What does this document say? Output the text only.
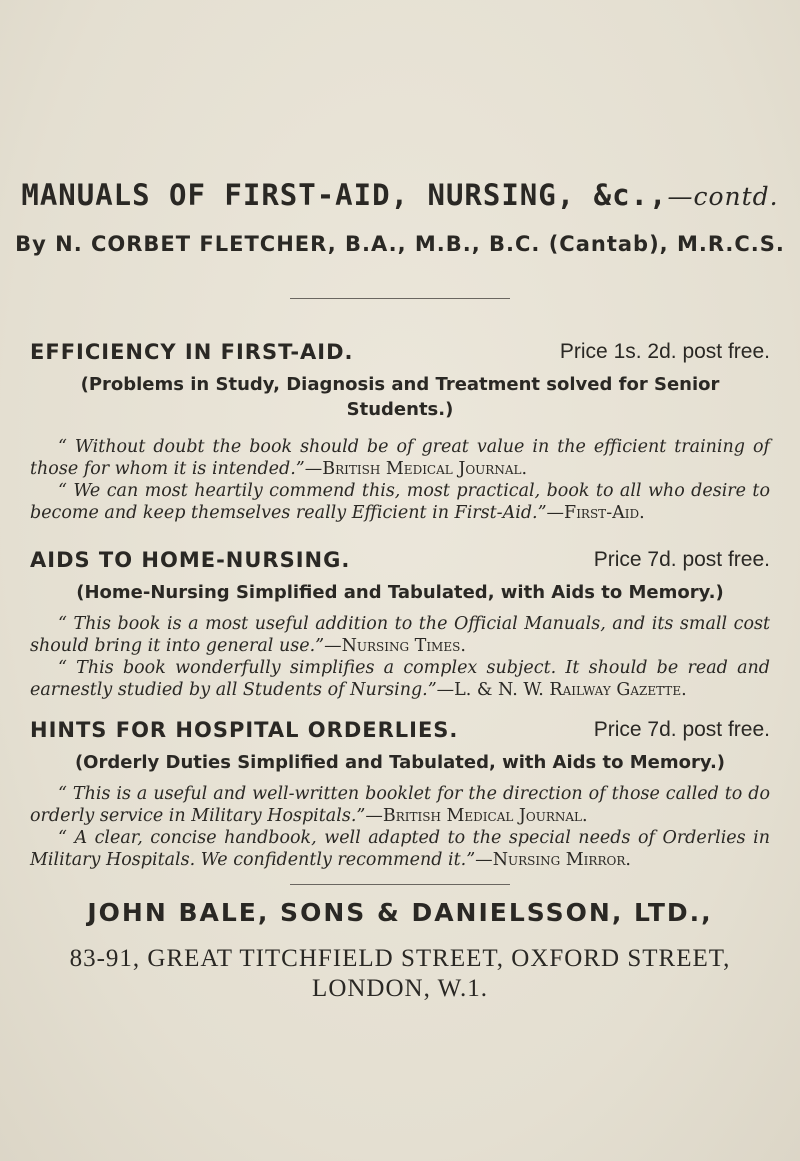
MANUALS OF FIRST-AID, NURSING, &c.,—contd.
By N. CORBET FLETCHER, B.A., M.B., B.C. (Cantab), M.R.C.S.
EFFICIENCY IN FIRST-AID.	Price 1s. 2d. post free.
(Problems in Study, Diagnosis and Treatment solved for Senior Students.)

“ Without doubt the book should be of great value in the efficient training of those for whom it is intended.”—British Medical Journal.

“ We can most heartily commend this, most practical, book to all who desire to become and keep themselves really Efficient in First-Aid.”—First-Aid.

AIDS TO HOME-NURSING.	Price 7d. post free.
(Home-Nursing Simplified and Tabulated, with Aids to Memory.)

“ This book is a most useful addition to the Official Manuals, and its small cost should bring it into general use.”—Nursing Times.

“ This book wonderfully simplifies a complex subject. It should be read and earnestly studied by all Students of Nursing.”—L. & N. W. Railway Gazette.

HINTS FOR HOSPITAL ORDERLIES.	Price 7d. post free.
(Orderly Duties Simplified and Tabulated, with Aids to Memory.)

“ This is a useful and well-written booklet for the direction of those called to do orderly service in Military Hospitals.”—British Medical Journal.

“ A clear, concise handbook, well adapted to the special needs of Orderlies in Military Hospitals. We confidently recommend it.”—Nursing Mirror.

JOHN BALE, SONS & DANIELSSON, LTD.,
83-91, GREAT TITCHFIELD STREET, OXFORD STREET,
LONDON, W.1.
